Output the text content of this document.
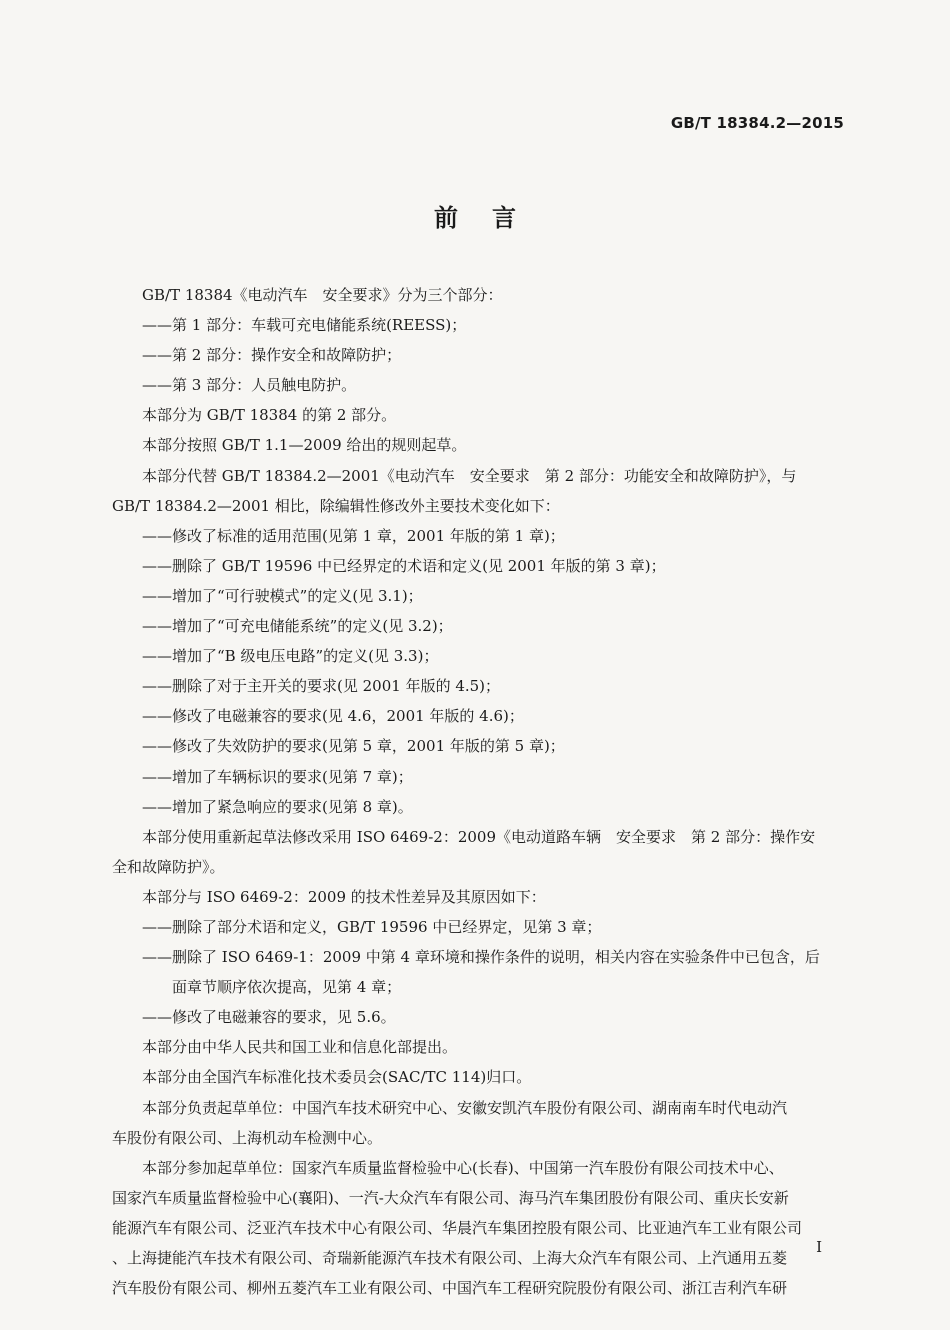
GB/T 18384.2—2015
前言
GB/T 18384《电动汽车　安全要求》分为三个部分：
——第 1 部分：车载可充电储能系统(REESS)；
——第 2 部分：操作安全和故障防护；
——第 3 部分：人员触电防护。
本部分为 GB/T 18384 的第 2 部分。
本部分按照 GB/T 1.1—2009 给出的规则起草。
本部分代替 GB/T 18384.2—2001《电动汽车　安全要求　第 2 部分：功能安全和故障防护》，与
GB/T 18384.2—2001 相比，除编辑性修改外主要技术变化如下：
——修改了标准的适用范围(见第 1 章，2001 年版的第 1 章)；
——删除了 GB/T 19596 中已经界定的术语和定义(见 2001 年版的第 3 章)；
——增加了“可行驶模式”的定义(见 3.1)；
——增加了“可充电储能系统”的定义(见 3.2)；
——增加了“B 级电压电路”的定义(见 3.3)；
——删除了对于主开关的要求(见 2001 年版的 4.5)；
——修改了电磁兼容的要求(见 4.6，2001 年版的 4.6)；
——修改了失效防护的要求(见第 5 章，2001 年版的第 5 章)；
——增加了车辆标识的要求(见第 7 章)；
——增加了紧急响应的要求(见第 8 章)。
本部分使用重新起草法修改采用 ISO 6469-2：2009《电动道路车辆　安全要求　第 2 部分：操作安
全和故障防护》。
本部分与 ISO 6469-2：2009 的技术性差异及其原因如下：
——删除了部分术语和定义，GB/T 19596 中已经界定，见第 3 章；
——删除了 ISO 6469-1：2009 中第 4 章环境和操作条件的说明，相关内容在实验条件中已包含，后
面章节顺序依次提高，见第 4 章；
——修改了电磁兼容的要求，见 5.6。
本部分由中华人民共和国工业和信息化部提出。
本部分由全国汽车标准化技术委员会(SAC/TC 114)归口。
本部分负责起草单位：中国汽车技术研究中心、安徽安凯汽车股份有限公司、湖南南车时代电动汽
车股份有限公司、上海机动车检测中心。
本部分参加起草单位：国家汽车质量监督检验中心(长春)、中国第一汽车股份有限公司技术中心、
国家汽车质量监督检验中心(襄阳)、一汽-大众汽车有限公司、海马汽车集团股份有限公司、重庆长安新
能源汽车有限公司、泛亚汽车技术中心有限公司、华晨汽车集团控股有限公司、比亚迪汽车工业有限公司
、上海捷能汽车技术有限公司、奇瑞新能源汽车技术有限公司、上海大众汽车有限公司、上汽通用五菱
汽车股份有限公司、柳州五菱汽车工业有限公司、中国汽车工程研究院股份有限公司、浙江吉利汽车研
I
